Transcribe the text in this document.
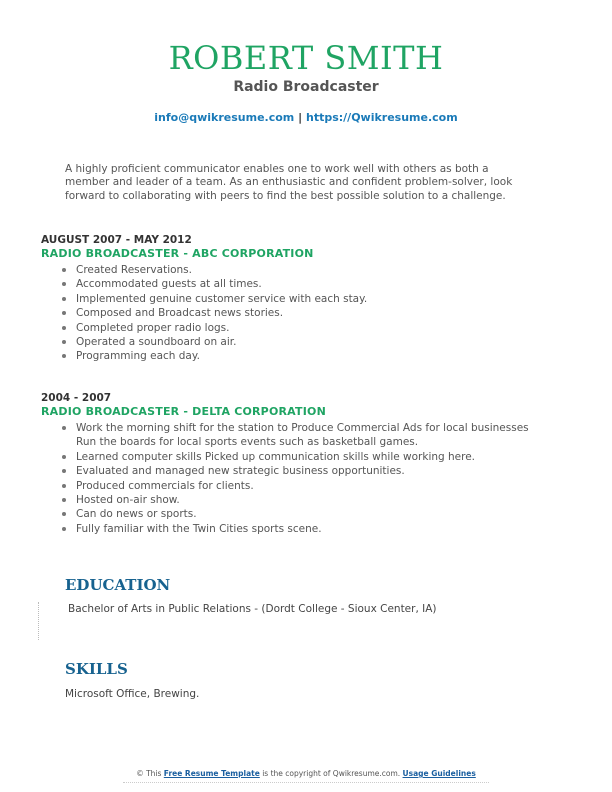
ROBERT SMITH
Radio Broadcaster
info@qwikresume.com | https://Qwikresume.com
A highly proficient communicator enables one to work well with others as both a member and leader of a team. As an enthusiastic and confident problem-solver, look forward to collaborating with peers to find the best possible solution to a challenge.

AUGUST 2007 - MAY 2012

RADIO BROADCASTER - ABC CORPORATION

Created Reservations.
Accommodated guests at all times.
Implemented genuine customer service with each stay.
Composed and Broadcast news stories.
Completed proper radio logs.
Operated a soundboard on air.
Programming each day.

2004 - 2007

RADIO BROADCASTER - DELTA CORPORATION

Work the morning shift for the station to Produce Commercial Ads for local businesses Run the boards for local sports events such as basketball games.
Learned computer skills Picked up communication skills while working here.
Evaluated and managed new strategic business opportunities.
Produced commercials for clients.
Hosted on-air show.
Can do news or sports.
Fully familiar with the Twin Cities sports scene.
EDUCATION
Bachelor of Arts in Public Relations - (Dordt College - Sioux Center, IA)
SKILLS
Microsoft Office, Brewing.
© This Free Resume Template is the copyright of Qwikresume.com. Usage Guidelines
